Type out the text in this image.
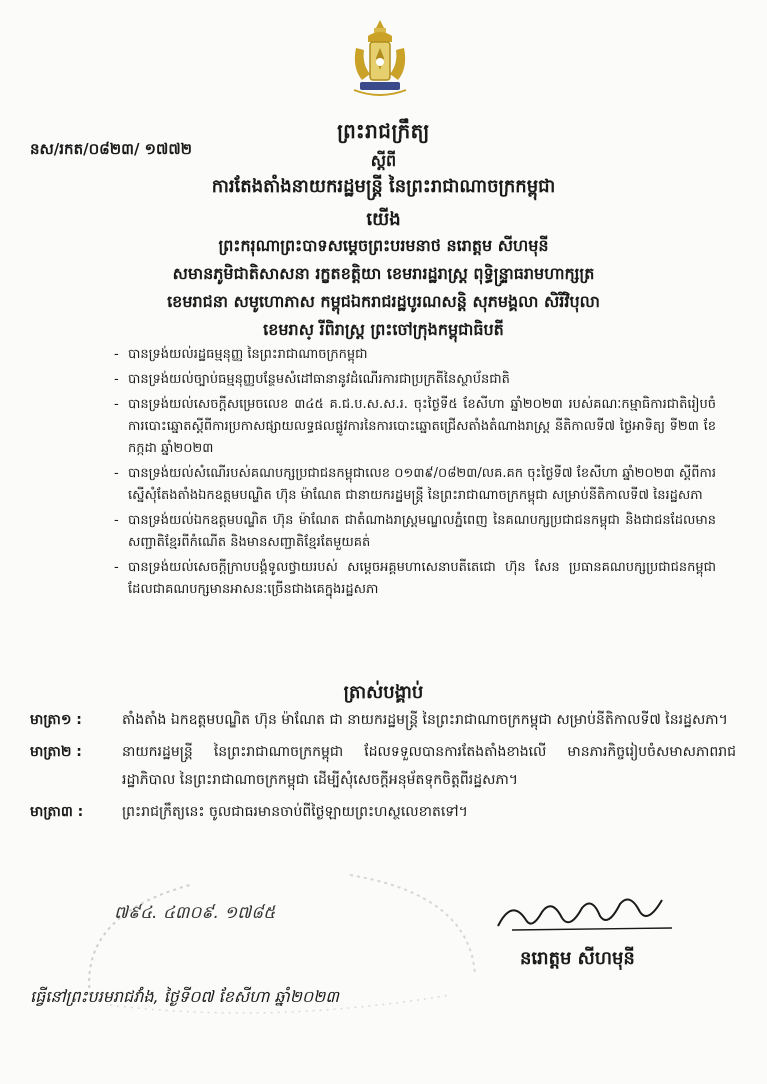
ព្រះរាជក្រឹត្យ
នស/រកត/០៨២៣/ ១៧៧២
ស្ដីពី
ការតែងតាំងនាយករដ្ឋមន្ត្រី នៃព្រះរាជាណាចក្រកម្ពុជា
យើង
ព្រះករុណាព្រះបាទសម្ដេចព្រះបរមនាថ នរោត្តម សីហមុនី
សមានភូមិជាតិសាសនា រក្ខតខត្តិយា ខេមរារដ្ឋរាស្ដ្រ ពុទ្ធិន្ទ្រាធរាមហាក្សត្រ
ខេមរាជនា សមូហោភាស កម្ពុជឯករាជរដ្ឋបូរណសន្តិ សុភមង្គលា សិរីវិបុលា
ខេមរាស្ រីពិរាស្ដ្រ ព្រះចៅក្រុងកម្ពុជាធិបតី
- បានទ្រង់យល់រដ្ឋធម្មនុញ្ញ នៃព្រះរាជាណាចក្រកម្ពុជា
- បានទ្រង់យល់ច្បាប់ធម្មនុញ្ញបន្ថែមសំដៅធានានូវដំណើរការជាប្រក្រតីនៃស្ថាប័នជាតិ
- បានទ្រង់យល់សេចក្ដីសម្រេចលេខ ៣៤៥ គ.ជ.ប.ស.ស.រ. ចុះថ្ងៃទី៥ ខែសីហា ឆ្នាំ២០២៣ របស់គណៈកម្មាធិការជាតិរៀបចំការបោះឆ្នោតស្ដីពីការប្រកាសផ្សាយលទ្ធផលផ្លូវការនៃការបោះឆ្នោតជ្រើសតាំងតំណាងរាស្ដ្រ នីតិកាលទី៧ ថ្ងៃអាទិត្យ ទី២៣ ខែកក្កដា ឆ្នាំ២០២៣
- បានទ្រង់យល់សំណើរបស់គណបក្សប្រជាជនកម្ពុជាលេខ ០១៣៩/០៨២៣/លគ.គក ចុះថ្ងៃទី៧ ខែសីហា ឆ្នាំ២០២៣ ស្ដីពីការស្នើសុំតែងតាំងឯកឧត្តមបណ្ឌិត ហ៊ុន ម៉ាណែត ជានាយករដ្ឋមន្ត្រី នៃព្រះរាជាណាចក្រកម្ពុជា សម្រាប់នីតិកាលទី៧ នៃរដ្ឋសភា
- បានទ្រង់យល់ឯកឧត្តមបណ្ឌិត ហ៊ុន ម៉ាណែត ជាតំណាងរាស្ដ្រមណ្ឌលភ្នំពេញ នៃគណបក្សប្រជាជនកម្ពុជា និងជាជនដែលមានសញ្ជាតិខ្មែរពីកំណើត និងមានសញ្ជាតិខ្មែរតែមួយគត់
- បានទ្រង់យល់សេចក្ដីក្រាបបង្គំទូលថ្វាយរបស់ សម្ដេចអគ្គមហាសេនាបតីតេជោ ហ៊ុន សែន ប្រធានគណបក្សប្រជាជនកម្ពុជា ដែលជាគណបក្សមានអាសនៈច្រើនជាងគេក្នុងរដ្ឋសភា
ត្រាស់បង្គាប់
មាត្រា១ :	តាំងតាំង ឯកឧត្តមបណ្ឌិត ហ៊ុន ម៉ាណែត ជា នាយករដ្ឋមន្ត្រី នៃព្រះរាជាណាចក្រកម្ពុជា សម្រាប់នីតិកាលទី៧ នៃរដ្ឋសភា។
មាត្រា២ :	នាយករដ្ឋមន្ត្រី នៃព្រះរាជាណាចក្រកម្ពុជា ដែលទទួលបានការតែងតាំងខាងលើ មានភារកិច្ចរៀបចំសមាសភាពរាជរដ្ឋាភិបាល នៃព្រះរាជាណាចក្រកម្ពុជា ដើម្បីសុំសេចក្ដីអនុម័តទុកចិត្តពីរដ្ឋសភា។
មាត្រា៣ :	ព្រះរាជក្រឹត្យនេះ ចូលជាធរមានចាប់ពីថ្ងៃឡាយព្រះហស្ថលេខាតទៅ។
៧៩៤. ៤៣០៩. ១៧៨៥
នរោត្តម សីហមុនី
ធ្វើនៅព្រះបរមរាជវាំង, ថ្ងៃទី០៧ ខែសីហា ឆ្នាំ២០២៣
